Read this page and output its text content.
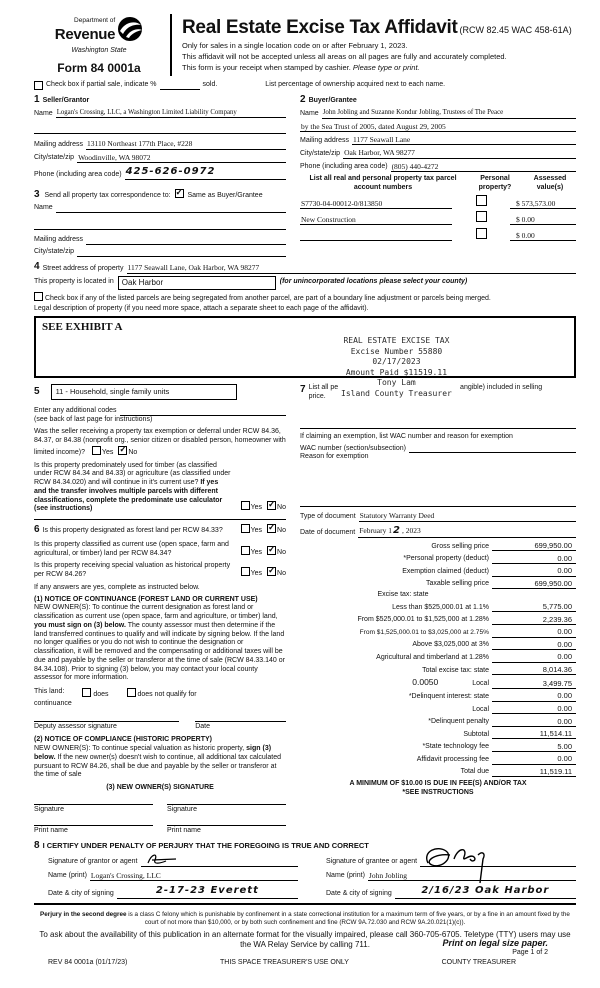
Department of
Revenue
Washington State
Form 84 0001a
Real Estate Excise Tax Affidavit (RCW 82.45 WAC 458-61A)
Only for sales in a single location code on or after February 1, 2023.
This affidavit will not be accepted unless all areas on all pages are fully and accurately completed.
This form is your receipt when stamped by cashier. Please type or print.
Check box if partial sale, indicate %	sold.	List percentage of ownership acquired next to each name.
1 Seller/Grantor
Name Logan's Crossing, LLC, a Washington Limited Liability Company
Mailing address 13110 Northeast 177th Place, #228
City/state/zip Woodinville, WA 98072
Phone (including area code) 425-626-0972
3 Send all property tax correspondence to: ✓ Same as Buyer/Grantee
Name
Mailing address
City/state/zip
2 Buyer/Grantee
Name John Jobling and Suzanne Kondur Jobling, Trustees of The Peace
by the Sea Trust of 2005, dated August 29, 2005
Mailing address 1177 Seawall Lane
City/state/zip Oak Harbor, WA 98277
Phone (including area code) (805) 440-4272
List all real and personal property tax parcel account numbers
Personal property?
Assessed value(s)
S7730-04-00012-0/813850	$ 573,573.00
New Construction	$ 0.00
$ 0.00
4 Street address of property 1177 Seawall Lane, Oak Harbor, WA 98277
This property is located in	Oak Harbor	(for unincorporated locations please select your county)
Check box if any of the listed parcels are being segregated from another parcel, are part of a boundary line adjustment or parcels being merged.
Legal description of property (if you need more space, attach a separate sheet to each page of the affidavit).
SEE EXHIBIT A
REAL ESTATE EXCISE TAX
Excise Number 55880
02/17/2023
Amount Paid $11519.11
Tony Lam
Island County Treasurer
5	11 - Household, single family units
Enter any additional codes
(see back of last page for instructions)
Was the seller receiving a property tax exemption or deferral under RCW 84.36, 84.37, or 84.38 (nonprofit org., senior citizen or disabled person, homeowner with limited income)? Yes ✓ No
Is this property predominately used for timber (as classified under RCW 84.34 and 84.33) or agriculture (as classified under RCW 84.34.020) and will continue in it's current use? If yes and the transfer involves multiple parcels with different classifications, complete the predominate use calculator (see instructions)	Yes ✓ No
6 Is this property designated as forest land per RCW 84.33?	Yes ✓ No
Is this property classified as current use (open space, farm and agricultural, or timber) land per RCW 84.34?	Yes ✓ No
Is this property receiving special valuation as historical property per RCW 84.26?	Yes ✓ No
If any answers are yes, complete as instructed below.
(1) NOTICE OF CONTINUANCE (FOREST LAND OR CURRENT USE)
NEW OWNER(S): To continue the current designation as forest land or classification as current use (open space, farm and agriculture, or timber) land, you must sign on (3) below. The county assessor must then determine if the land transferred continues to qualify and will indicate by signing below. If the land no longer qualifies or you do not wish to continue the designation or classification, it will be removed and the compensating or additional taxes will be due and payable by the seller or transferor at the time of sale (RCW 84.33.140 or 84.34.108). Prior to signing (3) below, you may contact your local county assessor for more information.
This land:	does	does not qualify for
continuance
Deputy assessor signature	Date
(2) NOTICE OF COMPLIANCE (HISTORIC PROPERTY)
NEW OWNER(S): To continue special valuation as historic property, sign (3) below. If the new owner(s) doesn't wish to continue, all additional tax calculated pursuant to RCW 84.26, shall be due and payable by the seller or transferor at the time of sale
(3) NEW OWNER(S) SIGNATURE
Signature	Signature
Print name	Print name
7 List all pe	angible) included in selling
price.
If claiming an exemption, list WAC number and reason for exemption
WAC number (section/subsection)
Reason for exemption
Type of document Statutory Warranty Deed
Date of document February 12, 2023
Gross selling price	699,950.00
*Personal property (deduct)	0.00
Exemption claimed (deduct)	0.00
Taxable selling price	699,950.00
Excise tax: state
Less than $525,000.01 at 1.1%	5,775.00
From $525,000.01 to $1,525,000 at 1.28%	2,239.36
From $1,525,000.01 to $3,025,000 at 2.75%	0.00
Above $3,025,000 at 3%	0.00
Agricultural and timberland at 1.28%	0.00
Total excise tax: state	8,014.36
0.0050	Local	3,499.75
*Delinquent interest: state	0.00
Local	0.00
*Delinquent penalty	0.00
Subtotal	11,514.11
*State technology fee	5.00
Affidavit processing fee	0.00
Total due	11,519.11
A MINIMUM OF $10.00 IS DUE IN FEE(S) AND/OR TAX
*SEE INSTRUCTIONS
8 I CERTIFY UNDER PENALTY OF PERJURY THAT THE FOREGOING IS TRUE AND CORRECT
Signature of grantor or agent
Name (print) Logan's Crossing, LLC
Date & city of signing	2-17-23 Everett
Signature of grantee or agent
Name (print) John Jobling
Date & city of signing	2/16/23 Oak Harbor
Perjury in the second degree is a class C felony which is punishable by confinement in a state correctional institution for a maximum term of five years, or by a fine in an amount fixed by the court of not more than $10,000, or by both such confinement and fine (RCW 9A.72.030 and RCW 9A.20.021(1)(c)).
To ask about the availability of this publication in an alternate format for the visually impaired, please call 360-705-6705. Teletype (TTY) users may use the WA Relay Service by calling 711.
REV 84 0001a (01/17/23)	THIS SPACE TREASURER'S USE ONLY	COUNTY TREASURER
Print on legal size paper.
Page 1 of 2
